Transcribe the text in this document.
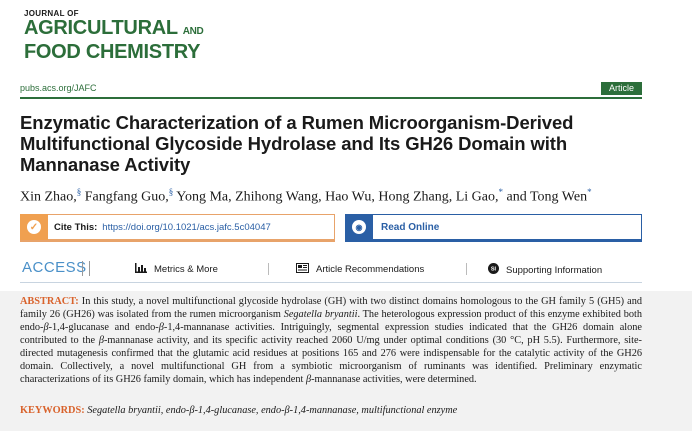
JOURNAL OF
AGRICULTURAL AND
FOOD CHEMISTRY
pubs.acs.org/JAFC	Article
Enzymatic Characterization of a Rumen Microorganism-Derived Multifunctional Glycoside Hydrolase and Its GH26 Domain with Mannanase Activity
Xin Zhao,§ Fangfang Guo,§ Yong Ma, Zhihong Wang, Hao Wu, Hong Zhang, Li Gao,* and Tong Wen*
✓ Cite This: https://doi.org/10.1021/acs.jafc.5c04047	◉	Read Online
ACCESS	Metrics & More	Article Recommendations	SI Supporting Information
ABSTRACT: In this study, a novel multifunctional glycoside hydrolase (GH) with two distinct domains homologous to the GH family 5 (GH5) and family 26 (GH26) was isolated from the rumen microorganism Segatella bryantii. The heterologous expression product of this enzyme exhibited both endo-β-1,4-glucanase and endo-β-1,4-mannanase activities. Intriguingly, segmental expression studies indicated that the GH26 domain alone contributed to the β-mannanase activity, and its specific activity reached 2060 U/mg under optimal conditions (30 °C, pH 5.5). Furthermore, site-directed mutagenesis confirmed that the glutamic acid residues at positions 165 and 276 were indispensable for the catalytic activity of the GH26 domain. Collectively, a novel multifunctional GH from a symbiotic microorganism of ruminants was identified. Preliminary enzymatic characterizations of its GH26 family domain, which has independent β-mannanase activities, were determined.
KEYWORDS: Segatella bryantii, endo-β-1,4-glucanase, endo-β-1,4-mannanase, multifunctional enzyme
